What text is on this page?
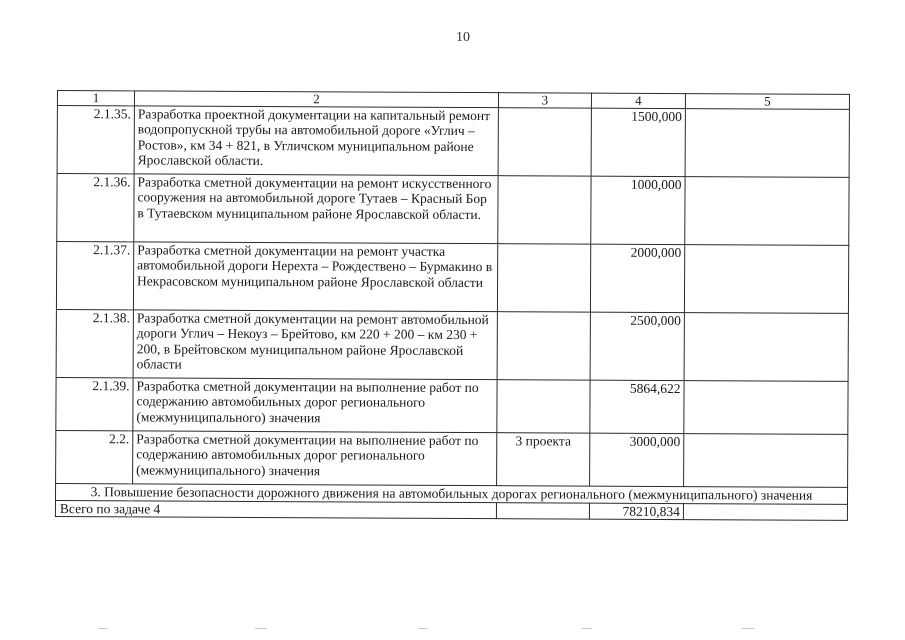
10
1	2	3	4	5
2.1.35.	Разработка проектной документации на капитальный ремонт водопропускной трубы на автомобильной дороге «Углич – Ростов», км 34 + 821, в Угличском муниципальном районе Ярославской области.		1500,000	
2.1.36.	Разработка сметной документации на ремонт искусственного сооружения на автомобильной дороге Тутаев – Красный Бор в Тутаевском муниципальном районе Ярославской области.		1000,000	
2.1.37.	Разработка сметной документации на ремонт участка автомобильной дороги Нерехта – Рождествено – Бурмакино в Некрасовском муниципальном районе Ярославской области		2000,000	
2.1.38.	Разработка сметной документации на ремонт автомобильной дороги Углич – Некоуз – Брейтово, км 220 + 200 – км 230 + 200, в Брейтовском муниципальном районе Ярославской области		2500,000	
2.1.39.	Разработка сметной документации на выполнение работ по содержанию автомобильных дорог регионального (межмуниципального) значения		5864,622	
2.2.	Разработка сметной документации на выполнение работ по содержанию автомобильных дорог регионального (межмуниципального) значения	3 проекта	3000,000	
3. Повышение безопасности дорожного движения на автомобильных дорогах регионального (межмуниципального) значения				
Всего по задаче 4			78210,834	
